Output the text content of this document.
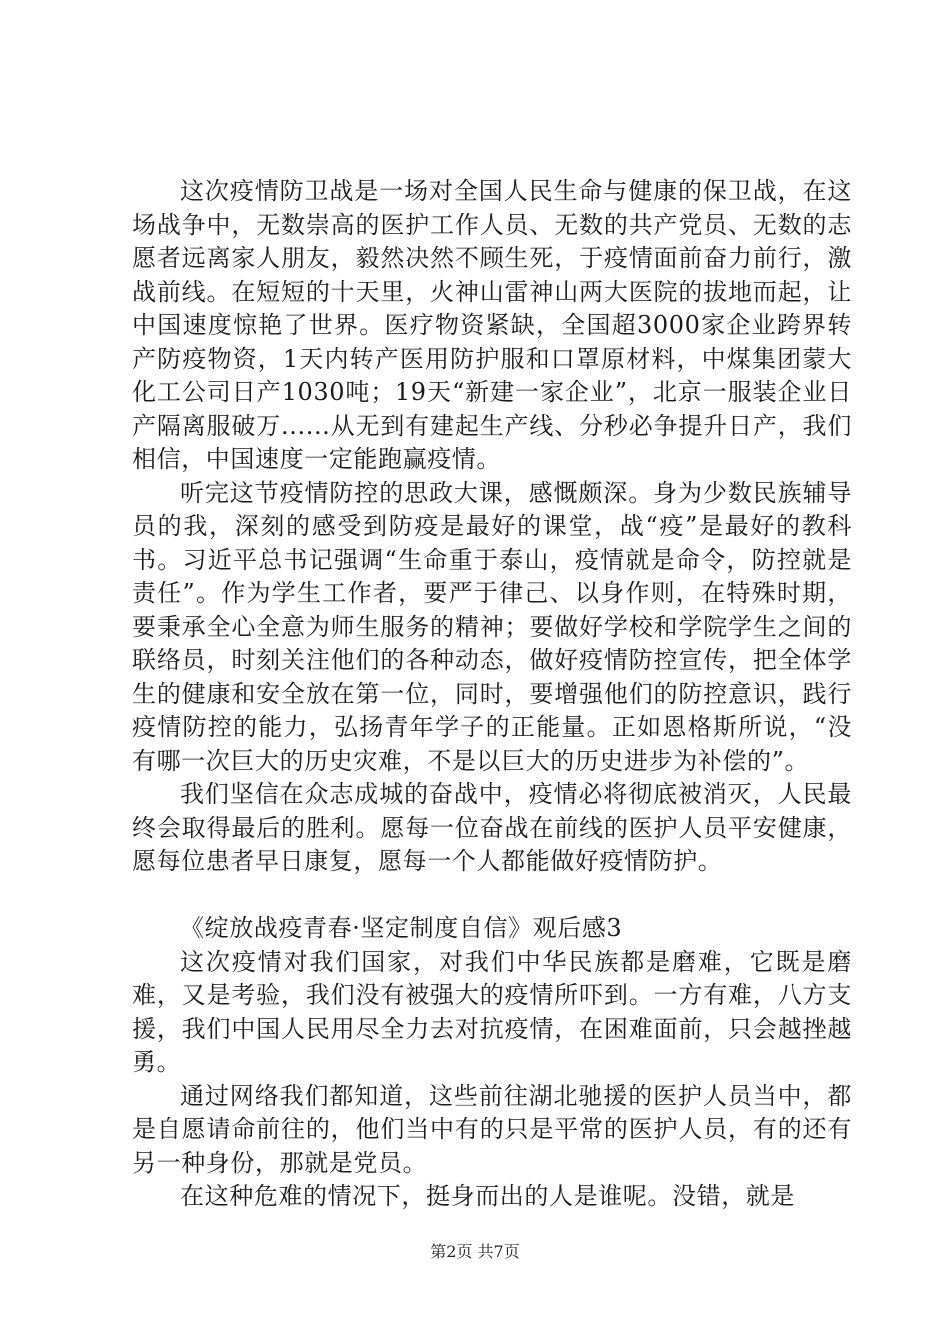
这次疫情防卫战是一场对全国人民生命与健康的保卫战，在这场战争中，无数崇高的医护工作人员、无数的共产党员、无数的志愿者远离家人朋友，毅然决然不顾生死，于疫情面前奋力前行，激战前线。在短短的十天里，火神山雷神山两大医院的拔地而起，让中国速度惊艳了世界。医疗物资紧缺，全国超3000家企业跨界转产防疫物资，1天内转产医用防护服和口罩原材料，中煤集团蒙大化工公司日产1030吨；19天“新建一家企业”，北京一服装企业日产隔离服破万......从无到有建起生产线、分秒必争提升日产，我们相信，中国速度一定能跑赢疫情。

听完这节疫情防控的思政大课，感慨颇深。身为少数民族辅导员的我，深刻的感受到防疫是最好的课堂，战“疫”是最好的教科书。习近平总书记强调“生命重于泰山，疫情就是命令，防控就是责任”。作为学生工作者，要严于律己、以身作则，在特殊时期，要秉承全心全意为师生服务的精神；要做好学校和学院学生之间的联络员，时刻关注他们的各种动态，做好疫情防控宣传，把全体学生的健康和安全放在第一位，同时，要增强他们的防控意识，践行疫情防控的能力，弘扬青年学子的正能量。正如恩格斯所说，“没有哪一次巨大的历史灾难，不是以巨大的历史进步为补偿的”。

我们坚信在众志成城的奋战中，疫情必将彻底被消灭，人民最终会取得最后的胜利。愿每一位奋战在前线的医护人员平安健康，愿每位患者早日康复，愿每一个人都能做好疫情防护。

《绽放战疫青春·坚定制度自信》观后感3

这次疫情对我们国家，对我们中华民族都是磨难，它既是磨难，又是考验，我们没有被强大的疫情所吓到。一方有难，八方支援，我们中国人民用尽全力去对抗疫情，在困难面前，只会越挫越勇。

通过网络我们都知道，这些前往湖北驰援的医护人员当中，都是自愿请命前往的，他们当中有的只是平常的医护人员，有的还有另一种身份，那就是党员。

在这种危难的情况下，挺身而出的人是谁呢。没错，就是

第2页 共7页
